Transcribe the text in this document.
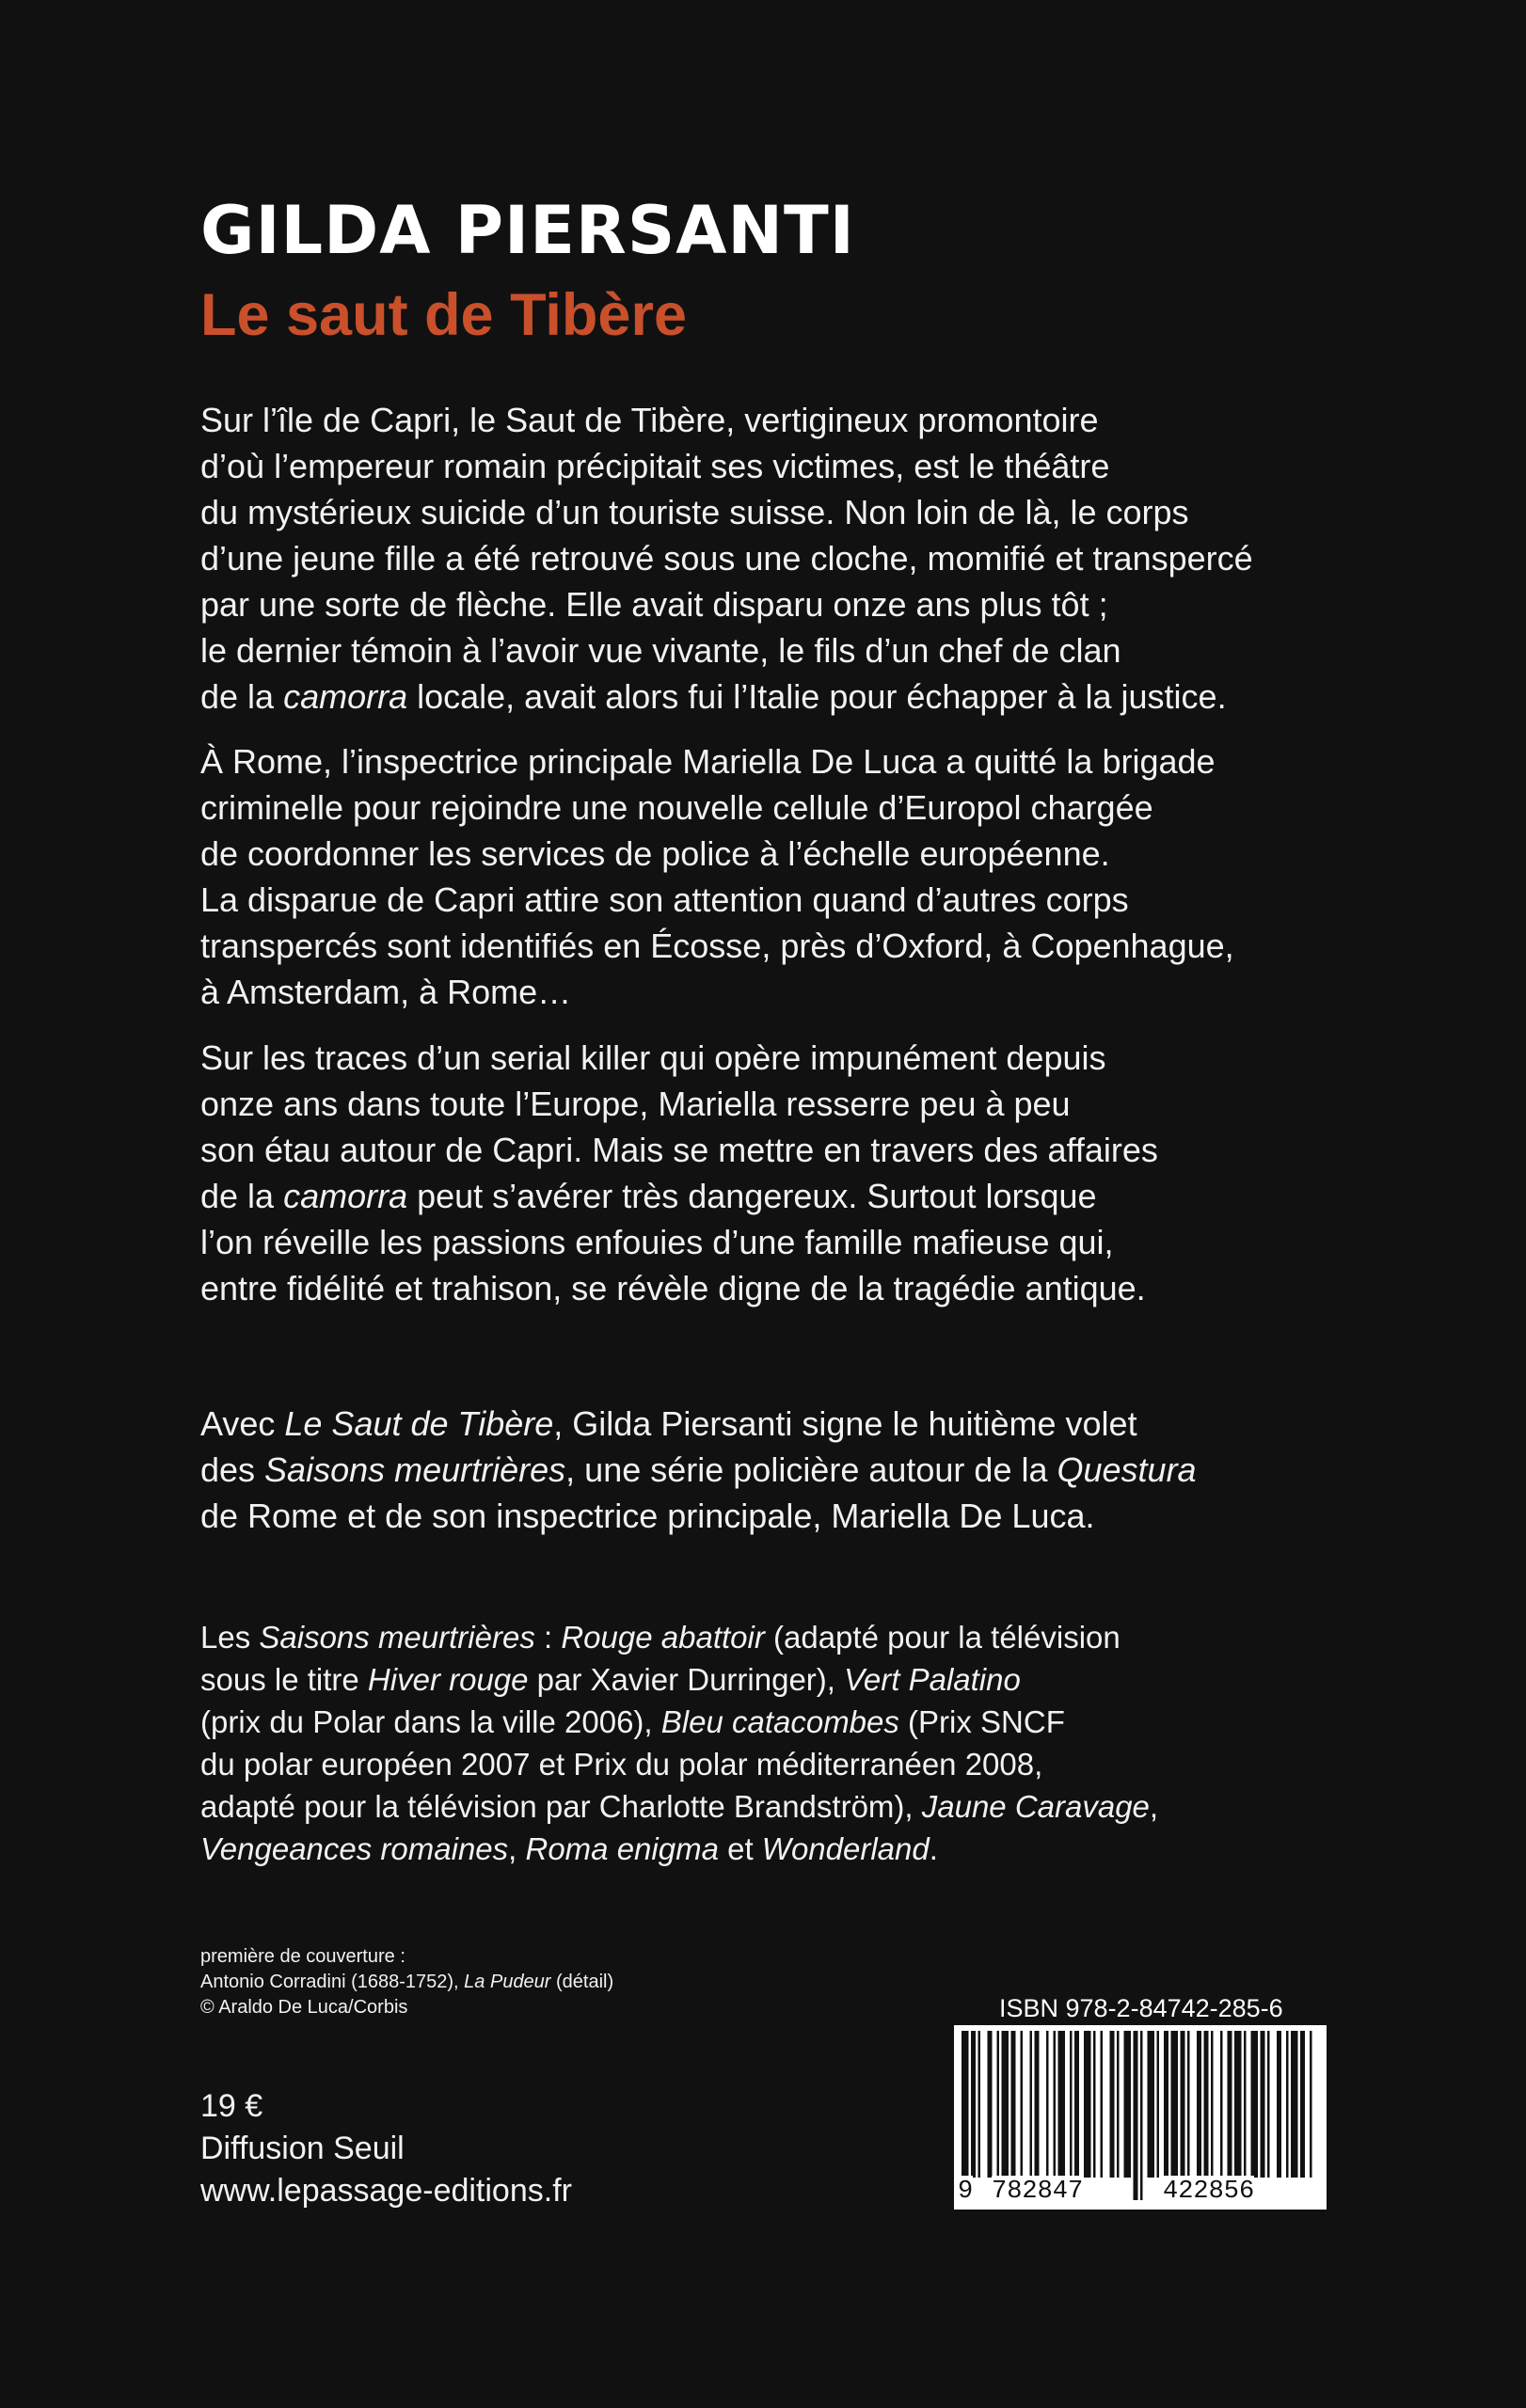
GILDA PIERSANTI
Le saut de Tibère
Sur l’île de Capri, le Saut de Tibère, vertigineux promontoire
d’où l’empereur romain précipitait ses victimes, est le théâtre
du mystérieux suicide d’un touriste suisse. Non loin de là, le corps
d’une jeune fille a été retrouvé sous une cloche, momifié et transpercé
par une sorte de flèche. Elle avait disparu onze ans plus tôt ;
le dernier témoin à l’avoir vue vivante, le fils d’un chef de clan
de la camorra locale, avait alors fui l’Italie pour échapper à la justice.
À Rome, l’inspectrice principale Mariella De Luca a quitté la brigade
criminelle pour rejoindre une nouvelle cellule d’Europol chargée
de coordonner les services de police à l’échelle européenne.
La disparue de Capri attire son attention quand d’autres corps
transpercés sont identifiés en Écosse, près d’Oxford, à Copenhague,
à Amsterdam, à Rome…
Sur les traces d’un serial killer qui opère impunément depuis
onze ans dans toute l’Europe, Mariella resserre peu à peu
son étau autour de Capri. Mais se mettre en travers des affaires
de la camorra peut s’avérer très dangereux. Surtout lorsque
l’on réveille les passions enfouies d’une famille mafieuse qui,
entre fidélité et trahison, se révèle digne de la tragédie antique.
Avec Le Saut de Tibère, Gilda Piersanti signe le huitième volet
des Saisons meurtrières, une série policière autour de la Questura
de Rome et de son inspectrice principale, Mariella De Luca.
Les Saisons meurtrières : Rouge abattoir (adapté pour la télévision
sous le titre Hiver rouge par Xavier Durringer), Vert Palatino
(prix du Polar dans la ville 2006), Bleu catacombes (Prix SNCF
du polar européen 2007 et Prix du polar méditerranéen 2008,
adapté pour la télévision par Charlotte Brandström), Jaune Caravage,
Vengeances romaines, Roma enigma et Wonderland.
première de couverture :
Antonio Corradini (1688-1752), La Pudeur (détail)
© Araldo De Luca/Corbis
19 €
Diffusion Seuil
www.lepassage-editions.fr
ISBN 978-2-84742-285-6
9 782847	422856
